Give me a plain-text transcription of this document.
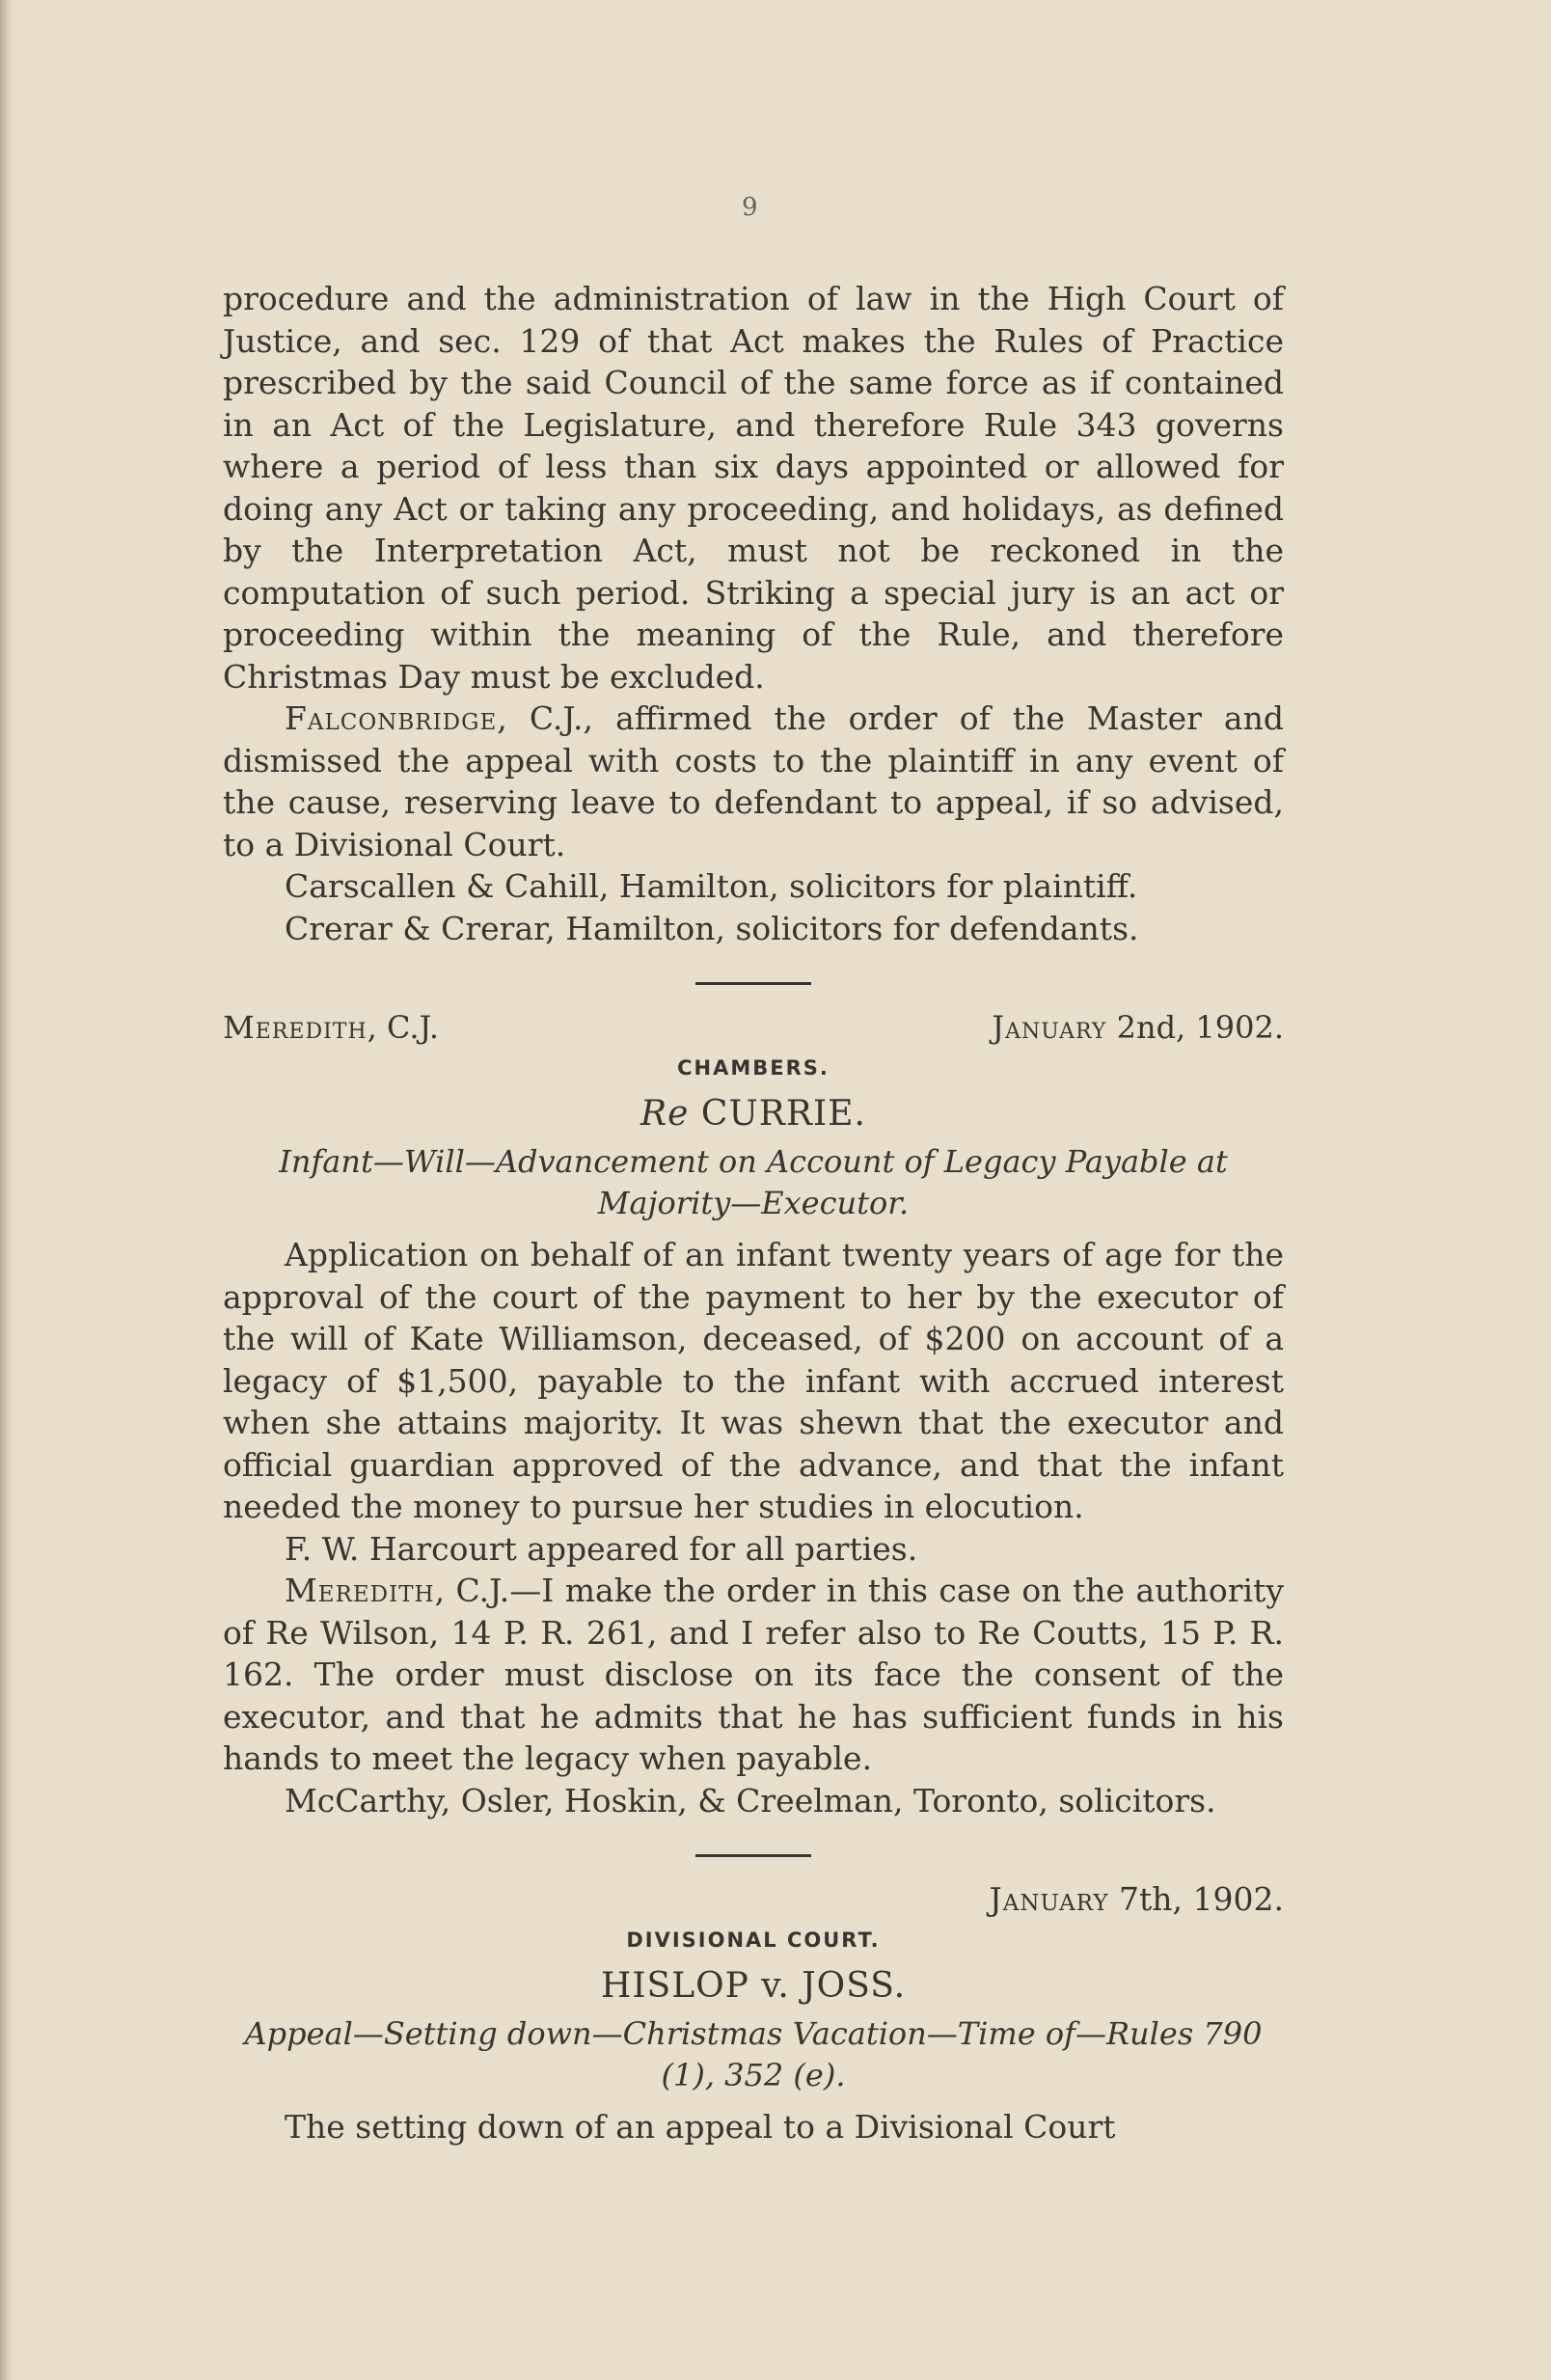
9

procedure and the administration of law in the High Court of Justice, and sec. 129 of that Act makes the Rules of Practice prescribed by the said Council of the same force as if contained in an Act of the Legislature, and therefore Rule 343 governs where a period of less than six days appointed or allowed for doing any Act or taking any proceeding, and holidays, as defined by the Interpretation Act, must not be reckoned in the computation of such period. Striking a special jury is an act or proceeding within the meaning of the Rule, and therefore Christmas Day must be excluded.

Falconbridge, C.J., affirmed the order of the Master and dismissed the appeal with costs to the plaintiff in any event of the cause, reserving leave to defendant to appeal, if so advised, to a Divisional Court.

Carscallen & Cahill, Hamilton, solicitors for plaintiff.

Crerar & Crerar, Hamilton, solicitors for defendants.

Meredith, C.J.	January 2nd, 1902.
CHAMBERS.
Re CURRIE.
Infant—Will—Advancement on Account of Legacy Payable at Majority—Executor.

Application on behalf of an infant twenty years of age for the approval of the court of the payment to her by the executor of the will of Kate Williamson, deceased, of $200 on account of a legacy of $1,500, payable to the infant with accrued interest when she attains majority. It was shewn that the executor and official guardian approved of the advance, and that the infant needed the money to pursue her studies in elocution.

F. W. Harcourt appeared for all parties.

Meredith, C.J.—I make the order in this case on the authority of Re Wilson, 14 P. R. 261, and I refer also to Re Coutts, 15 P. R. 162. The order must disclose on its face the consent of the executor, and that he admits that he has sufficient funds in his hands to meet the legacy when payable.

McCarthy, Osler, Hoskin, & Creelman, Toronto, solicitors.

January 7th, 1902.
DIVISIONAL COURT.
HISLOP v. JOSS.
Appeal—Setting down—Christmas Vacation—Time of—Rules 790 (1), 352 (e).

The setting down of an appeal to a Divisional Court
